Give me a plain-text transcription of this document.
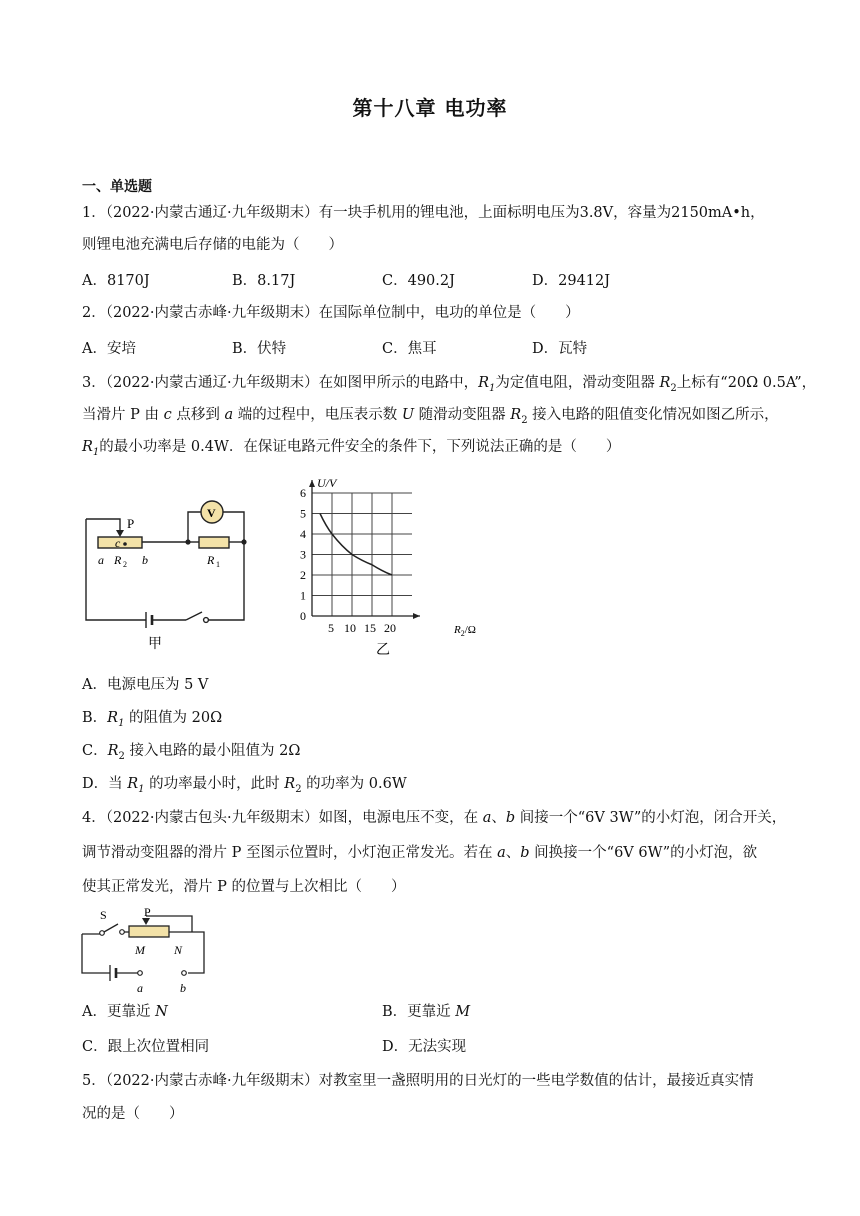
第十八章 电功率
一、单选题
1．（2022·内蒙古通辽·九年级期末）有一块手机用的锂电池，上面标明电压为3.8V，容量为2150mA•h，
则锂电池充满电后存储的电能为（　　）
A．8170J	B．8.17J	C．490.2J	D．29412J
2．（2022·内蒙古赤峰·九年级期末）在国际单位制中，电功的单位是（　　）
A．安培	B．伏特	C．焦耳	D．瓦特
3．（2022·内蒙古通辽·九年级期末）在如图甲所示的电路中，$R_1$为定值电阻，滑动变阻器 $R_2$上标有“20Ω 0.5A”，
当滑片 P 由 c 点移到 a 端的过程中，电压表示数 U 随滑动变阻器 $R_2$ 接入电路的阻值变化情况如图乙所示，
$R_1$的最小功率是 0.4W．在保证电路元件安全的条件下，下列说法正确的是（　　）
P
c
V
a R 2 b	R 1
甲
0
1
2
3
4
5
6
5 10 15 20
U/V
$R_2/\Omega$
乙
A．电源电压为 5 V
B．$R_1$ 的阻值为 20Ω
C．$R_2$ 接入电路的最小阻值为 2Ω
D．当 $R_1$ 的功率最小时，此时 $R_2$ 的功率为 0.6W
4．（2022·内蒙古包头·九年级期末）如图，电源电压不变，在 a、b 间接一个“6V 3W”的小灯泡，闭合开关，
调节滑动变阻器的滑片 P 至图示位置时，小灯泡正常发光。若在 a、b 间换接一个“6V 6W”的小灯泡，欲
使其正常发光，滑片 P 的位置与上次相比（　　）
S	P
M N
a	b
A．更靠近 N	B．更靠近 M
C．跟上次位置相同	D．无法实现
5．（2022·内蒙古赤峰·九年级期末）对教室里一盏照明用的日光灯的一些电学数值的估计，最接近真实情
况的是（　　）
